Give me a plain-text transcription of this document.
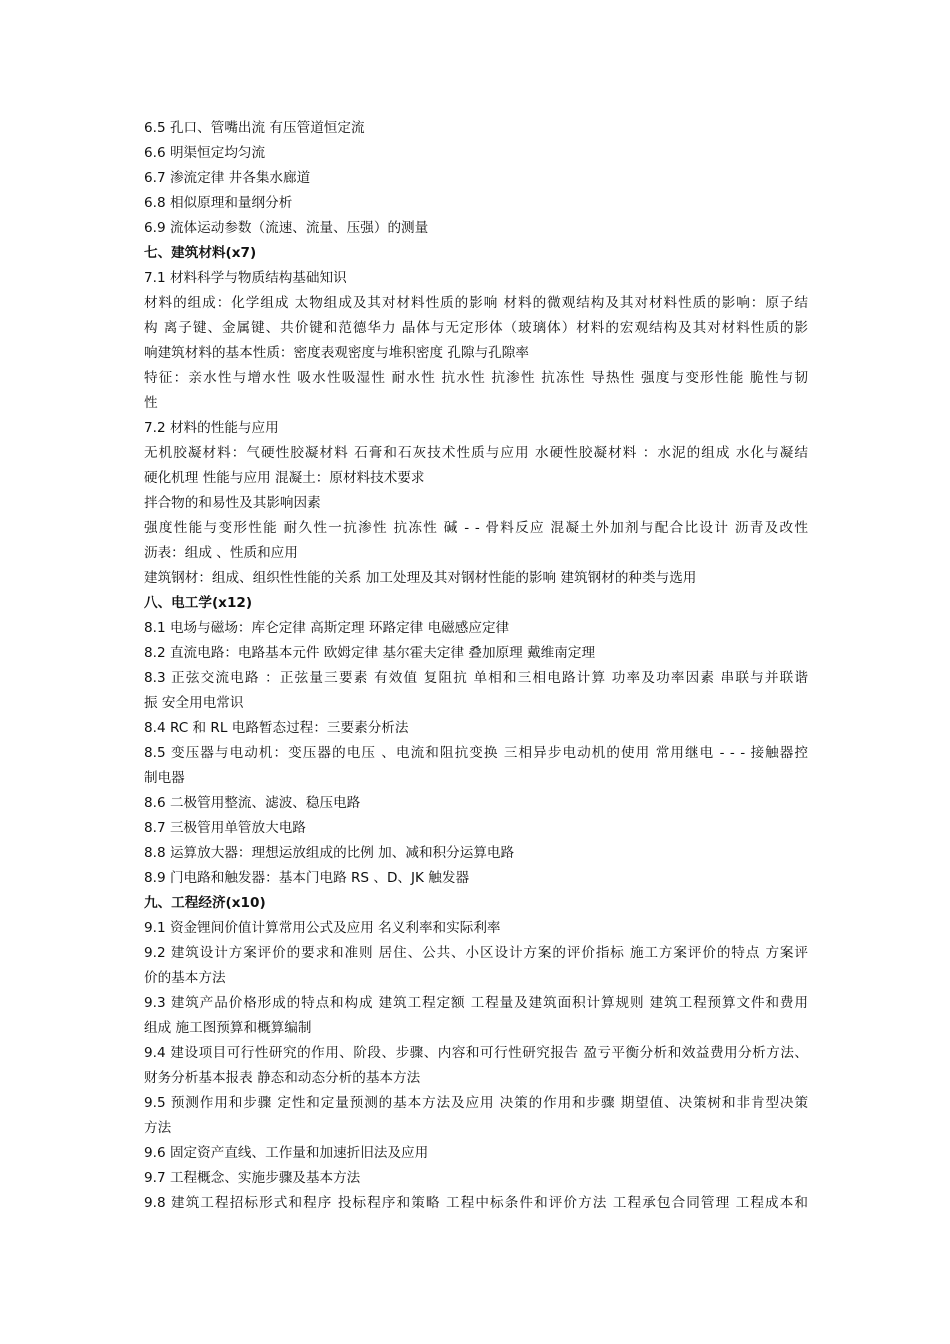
6.5 孔口、管嘴出流 有压管道恒定流
6.6 明渠恒定均匀流
6.7 渗流定律 井各集水廊道
6.8 相似原理和量纲分析
6.9 流体运动参数（流速、流量、压强）的测量
七、建筑材料(x7)
7.1 材料科学与物质结构基础知识
材料的组成：化学组成 太物组成及其对材料性质的影响 材料的微观结构及其对材料性质的影响：原子结
构 离子键、金属键、共价键和范德华力 晶体与无定形体（玻璃体）材料的宏观结构及其对材料性质的影
响建筑材料的基本性质：密度表观密度与堆积密度 孔隙与孔隙率
特征：亲水性与增水性 吸水性吸湿性 耐水性 抗水性 抗渗性 抗冻性 导热性 强度与变形性能 脆性与韧
性
7.2 材料的性能与应用
无机胶凝材料：气硬性胶凝材料 石膏和石灰技术性质与应用 水硬性胶凝材料 ：水泥的组成 水化与凝结
硬化机理 性能与应用 混凝土：原材料技术要求
拌合物的和易性及其影响因素
强度性能与变形性能 耐久性一抗渗性 抗冻性 碱 - - 骨料反应 混凝土外加剂与配合比设计 沥青及改性
沥表：组成 、性质和应用
建筑钢材：组成、组织性性能的关系 加工处理及其对钢材性能的影响 建筑钢材的种类与选用
八、电工学(x12)
8.1 电场与磁场：库仑定律 高斯定理 环路定律 电磁感应定律
8.2 直流电路：电路基本元件 欧姆定律 基尔霍夫定律 叠加原理 戴维南定理
8.3 正弦交流电路 ：正弦量三要素 有效值 复阻抗 单相和三相电路计算 功率及功率因素 串联与并联谐
振 安全用电常识
8.4 RC 和 RL 电路暂态过程：三要素分析法
8.5 变压器与电动机：变压器的电压 、电流和阻抗变换 三相异步电动机的使用 常用继电 - - - 接触器控
制电器
8.6 二极管用整流、滤波、稳压电路
8.7 三极管用单管放大电路
8.8 运算放大器：理想运放组成的比例 加、减和积分运算电路
8.9 门电路和触发器：基本门电路 RS 、D、JK 触发器
九、工程经济(x10)
9.1 资金锂间价值计算常用公式及应用 名义利率和实际利率
9.2 建筑设计方案评价的要求和准则 居住、公共、小区设计方案的评价指标 施工方案评价的特点 方案评
价的基本方法
9.3 建筑产品价格形成的特点和构成 建筑工程定额 工程量及建筑面积计算规则 建筑工程预算文件和费用
组成 施工图预算和概算编制
9.4 建设项目可行性研究的作用、阶段、步骤、内容和可行性研究报告 盈亏平衡分析和效益费用分析方法、
财务分析基本报表 静态和动态分析的基本方法
9.5 预测作用和步骤 定性和定量预测的基本方法及应用 决策的作用和步骤 期望值、决策树和非肯型决策
方法
9.6 固定资产直线、工作量和加速折旧法及应用
9.7 工程概念、实施步骤及基本方法
9.8 建筑工程招标形式和程序 投标程序和策略 工程中标条件和评价方法 工程承包合同管理 工程成本和
